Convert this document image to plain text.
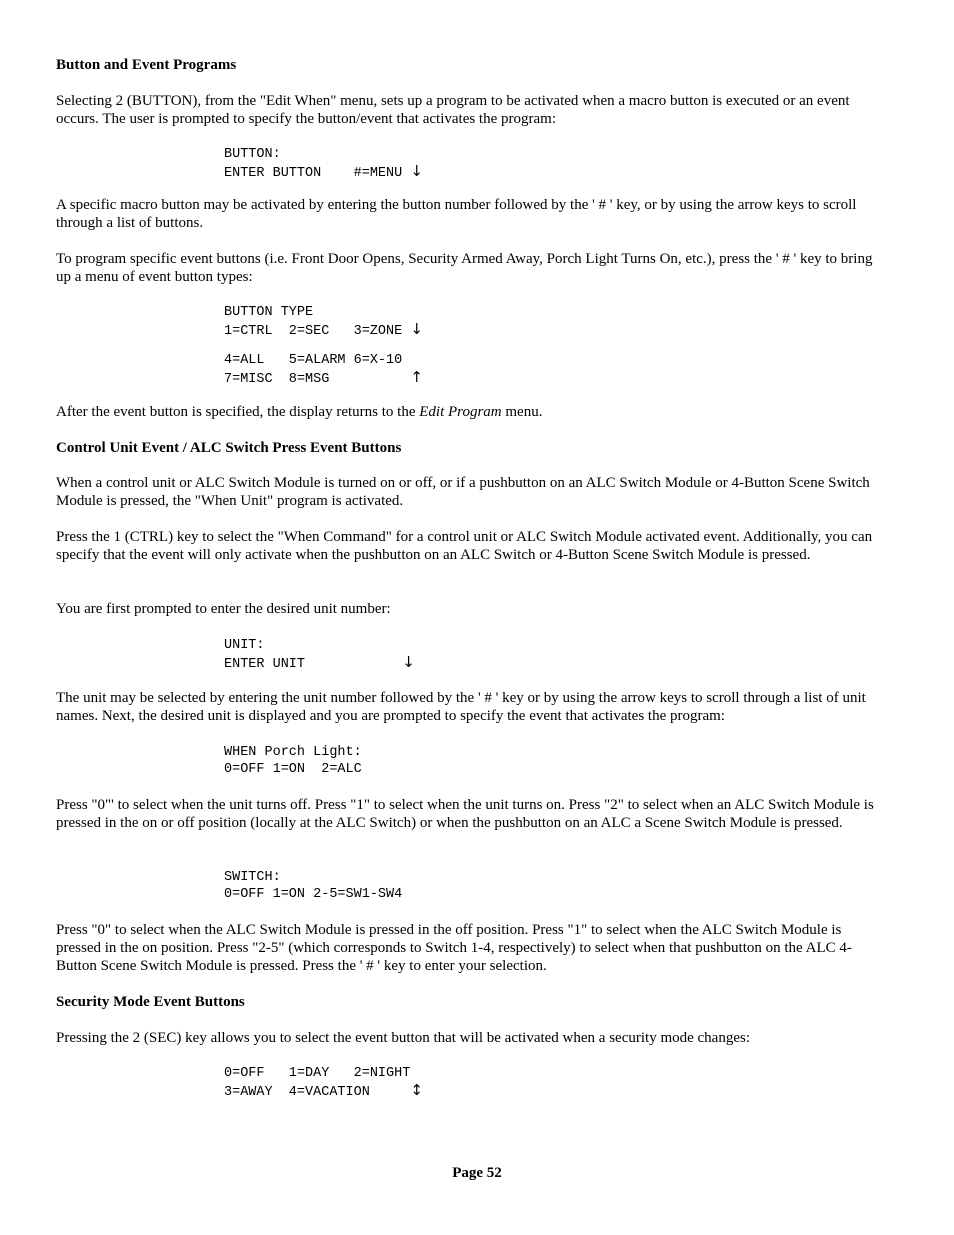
Button and Event Programs
Selecting 2 (BUTTON), from the "Edit When" menu, sets up a program to be activated when a macro button is executed or an event occurs. The user is prompted to specify the button/event that activates the program:
BUTTON:
ENTER BUTTON    #=MENU ↓
A specific macro button may be activated by entering the button number followed by the ' # ' key, or by using the arrow keys to scroll through a list of buttons.
To program specific event buttons (i.e. Front Door Opens, Security Armed Away, Porch Light Turns On, etc.), press the ' # ' key to bring up a menu of event button types:
BUTTON TYPE
1=CTRL  2=SEC   3=ZONE ↓
4=ALL   5=ALARM 6=X-10
7=MISC  8=MSG	↑
After the event button is specified, the display returns to the Edit Program menu.
Control Unit Event / ALC Switch Press Event Buttons
When a control unit or ALC Switch Module is turned on or off, or if a pushbutton on an ALC Switch Module or 4-Button Scene Switch Module is pressed, the "When Unit" program is activated.
Press the 1 (CTRL) key to select the "When Command" for a control unit or ALC Switch Module activated event. Additionally, you can specify that the event will only activate when the pushbutton on an ALC Switch or 4-Button Scene Switch Module is pressed.
You are first prompted to enter the desired unit number:
UNIT:
ENTER UNIT	↓
The unit may be selected by entering the unit number followed by the ' # ' key or by using the arrow keys to scroll through a list of unit names. Next, the desired unit is displayed and you are prompted to specify the event that activates the program:
WHEN Porch Light:
0=OFF 1=ON  2=ALC
Press "0"' to select when the unit turns off. Press "1" to select when the unit turns on. Press "2" to select when an ALC Switch Module is pressed in the on or off position (locally at the ALC Switch) or when the pushbutton on an ALC a Scene Switch Module is pressed.
SWITCH:
0=OFF 1=ON 2-5=SW1-SW4
Press "0" to select when the ALC Switch Module is pressed in the off position. Press "1" to select when the ALC Switch Module is pressed in the on position. Press "2-5" (which corresponds to Switch 1-4, respectively) to select when that pushbutton on the ALC 4-Button Scene Switch Module is pressed. Press the ' # ' key to enter your selection.
Security Mode Event Buttons
Pressing the 2 (SEC) key allows you to select the event button that will be activated when a security mode changes:
0=OFF   1=DAY   2=NIGHT
3=AWAY  4=VACATION	↕
Page 52
